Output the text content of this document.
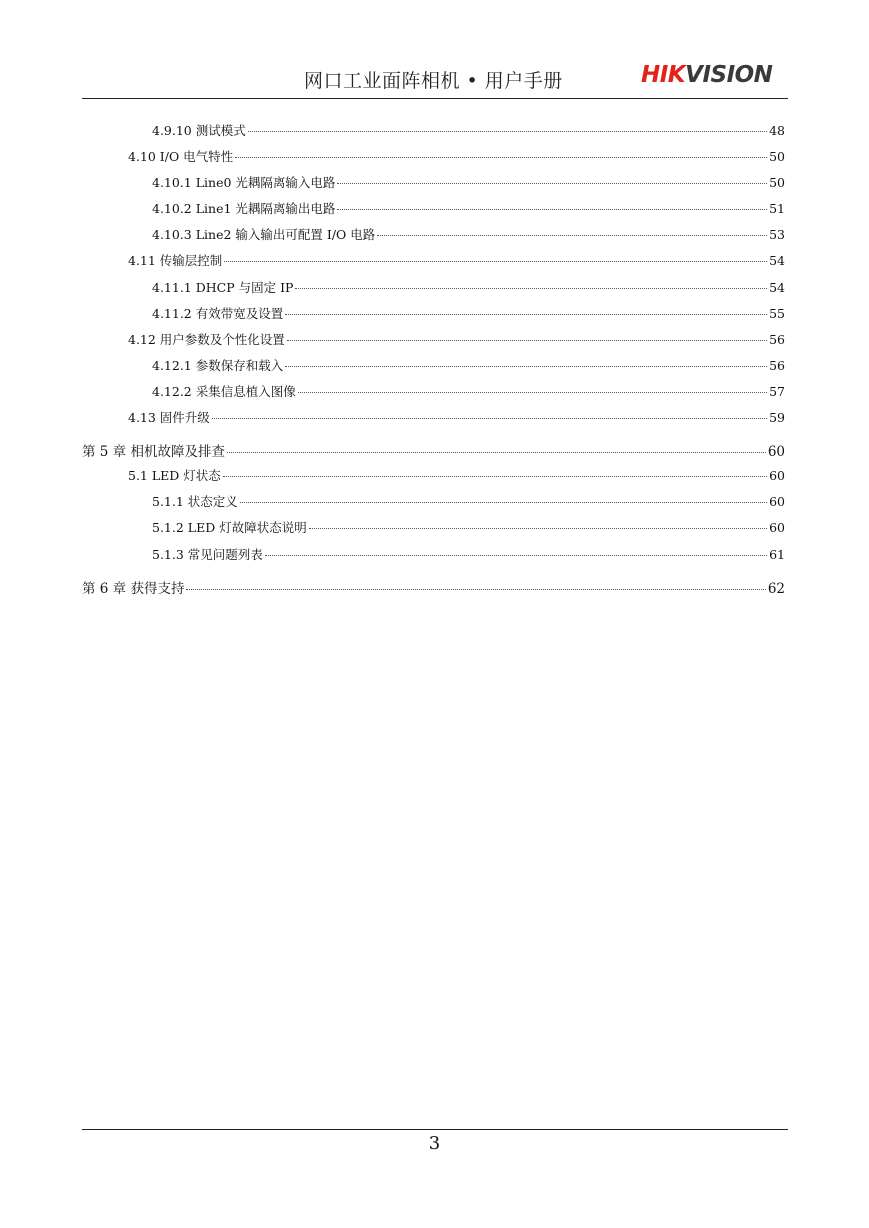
网口工业面阵相机 • 用户手册	HIKVISION
4.9.10 测试模式	48
4.10 I/O 电气特性	50
4.10.1 Line0 光耦隔离输入电路	50
4.10.2 Line1 光耦隔离输出电路	51
4.10.3 Line2 输入输出可配置 I/O 电路	53
4.11 传输层控制	54
4.11.1 DHCP 与固定 IP	54
4.11.2 有效带宽及设置	55
4.12 用户参数及个性化设置	56
4.12.1 参数保存和载入	56
4.12.2 采集信息植入图像	57
4.13 固件升级	59
第 5 章 相机故障及排查	60
5.1 LED 灯状态	60
5.1.1 状态定义	60
5.1.2 LED 灯故障状态说明	60
5.1.3 常见问题列表	61
第 6 章 获得支持	62
3
